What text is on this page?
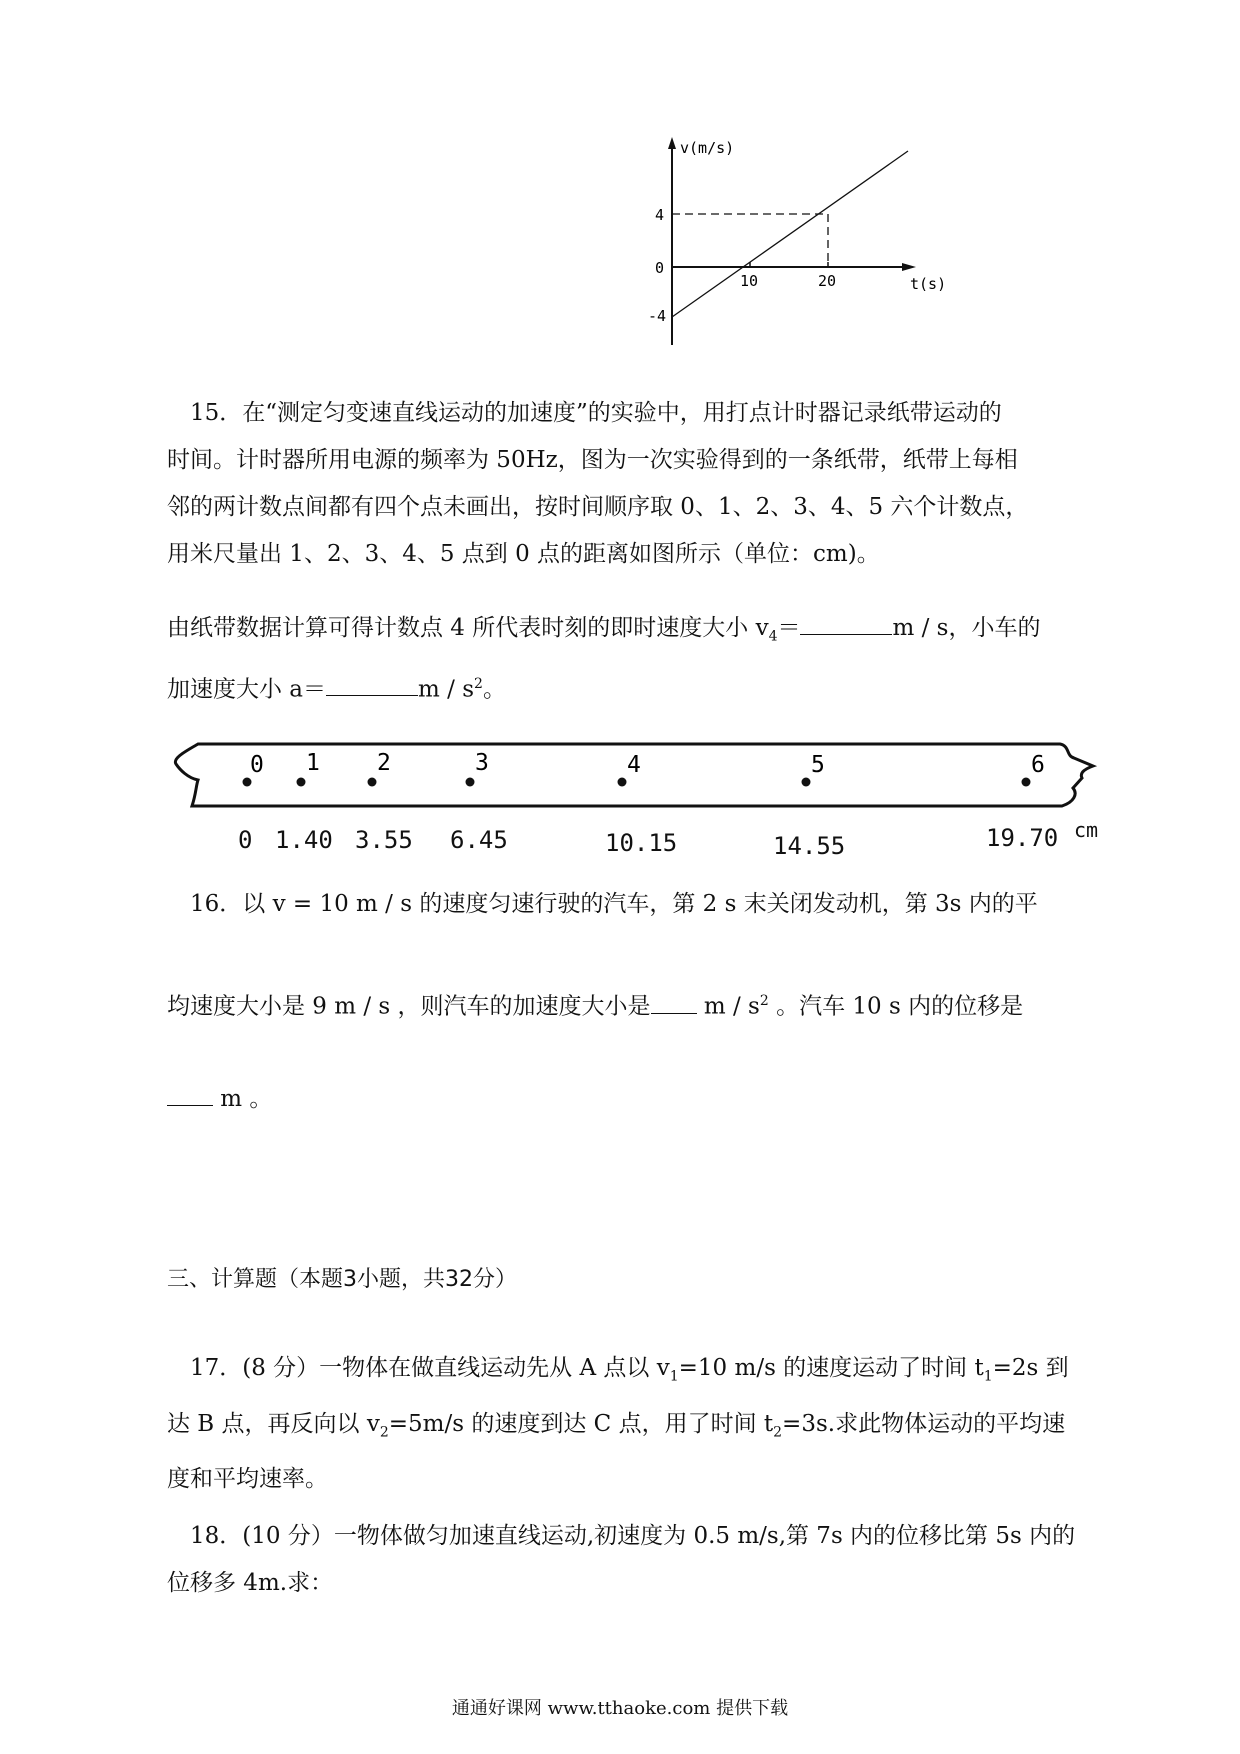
v(m/s)
t(s)
4
0
-4
10	20

15．在“测定匀变速直线运动的加速度”的实验中，用打点计时器记录纸带运动的

时间。计时器所用电源的频率为 50Hz，图为一次实验得到的一条纸带，纸带上每相

邻的两计数点间都有四个点未画出，按时间顺序取 0、1、2、3、4、5 六个计数点，

用米尺量出 1、2、3、4、5 点到 0 点的距离如图所示（单位：cm)。

由纸带数据计算可得计数点 4 所代表时刻的即时速度大小 $v_4=$	m / s，小车的

加速度大小 a＝	m / $s^2$。

0 1 2	3	4	5	6
0 1.40 3.55 6.45	10.15	14.55	19.70 cm

16．以 v = 10 m / s 的速度匀速行驶的汽车，第 2 s 末关闭发动机，第 3s 内的平

均速度大小是 9 m / s ，则汽车的加速度大小是 m / $s^2$ 。汽车 10 s 内的位移是

m 。

三、计算题（本题3小题，共32分）

17．(8 分）一物体在做直线运动先从 A 点以 $v_1=10$ m/s 的速度运动了时间 $t_1=2s$ 到

达 B 点，再反向以 $v_2=5m/s$ 的速度到达 C 点，用了时间 $t_2=3s$.求此物体运动的平均速

度和平均速率。

18．(10 分）一物体做匀加速直线运动,初速度为 0.5 m/s,第 7s 内的位移比第 5s 内的

位移多 4m.求：

通通好课网 www.tthaoke.com 提供下载
